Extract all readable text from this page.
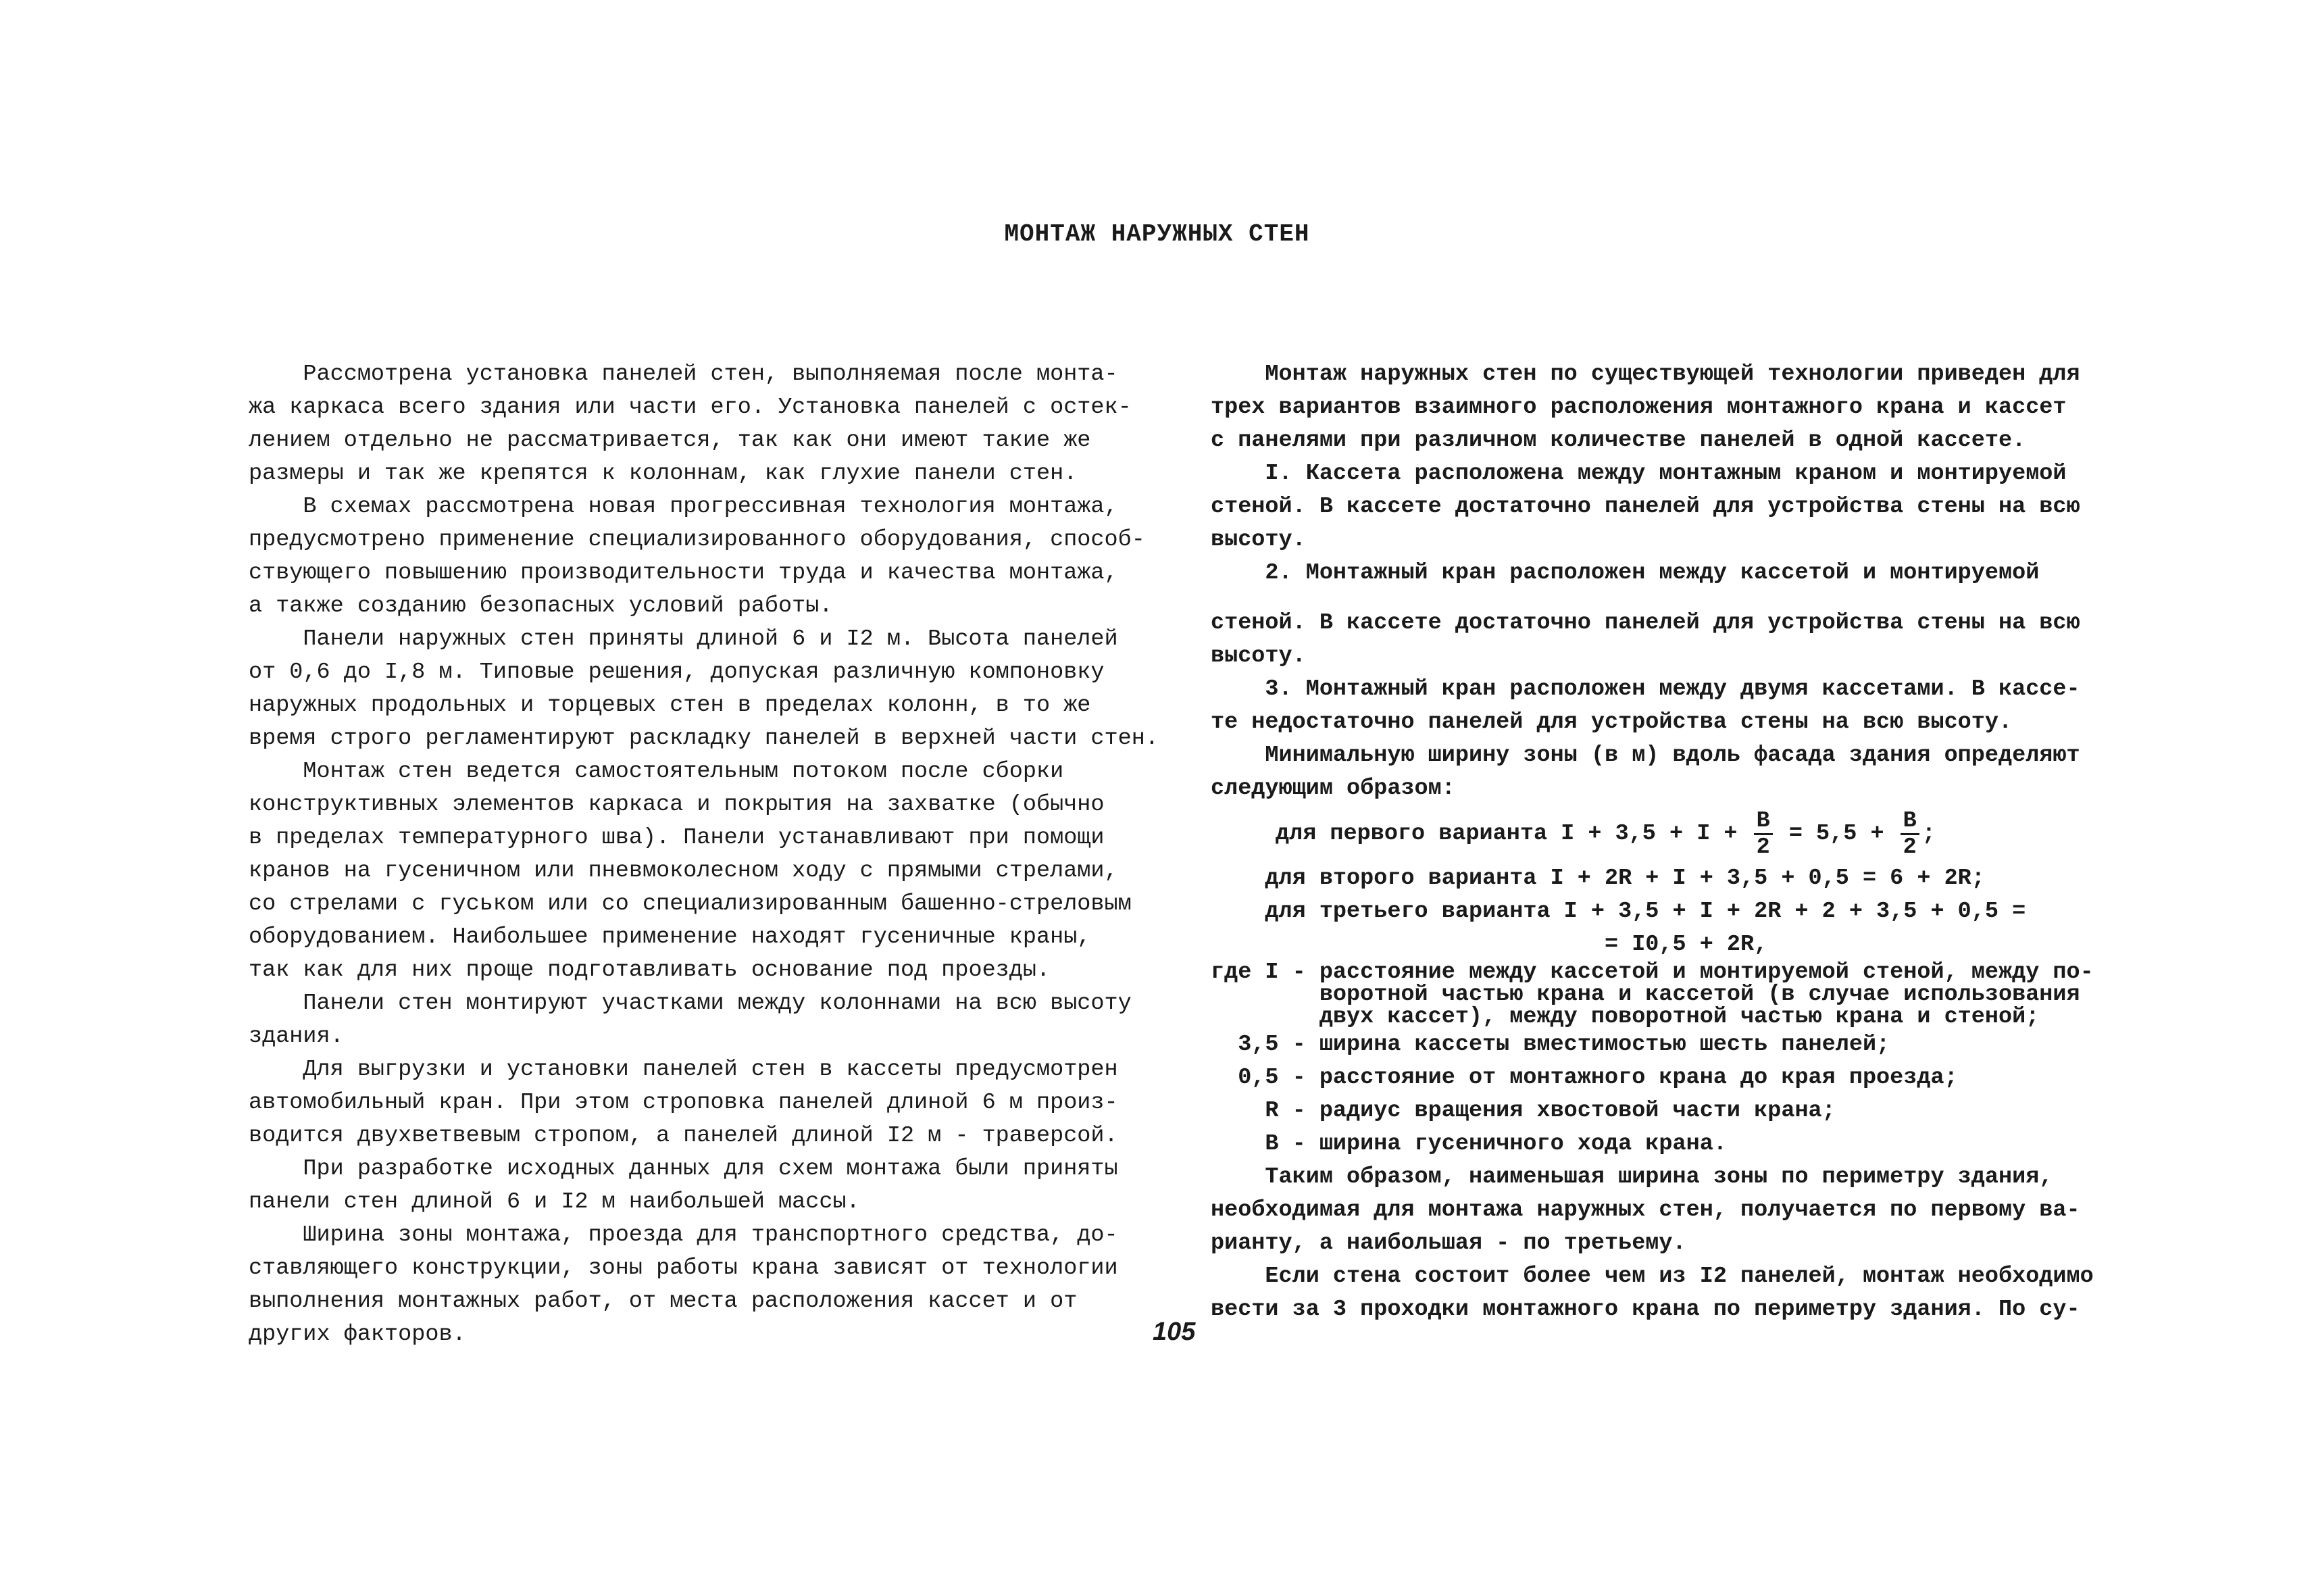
МОНТАЖ НАРУЖНЫХ СТЕН
Рассмотрена установка панелей стен, выполняемая после монта-
жа каркаса всего здания или части его. Установка панелей с остек-
лением отдельно не рассматривается, так как они имеют такие же
размеры и так же крепятся к колоннам, как глухие панели стен.
В схемах рассмотрена новая прогрессивная технология монтажа,
предусмотрено применение специализированного оборудования, способ-
ствующего повышению производительности труда и качества монтажа,
а также созданию безопасных условий работы.
Панели наружных стен приняты длиной 6 и I2 м. Высота панелей
от 0,6 до I,8 м. Типовые решения, допуская различную компоновку
наружных продольных и торцевых стен в пределах колонн, в то же
время строго регламентируют раскладку панелей в верхней части стен.
Монтаж стен ведется самостоятельным потоком после сборки
конструктивных элементов каркаса и покрытия на захватке (обычно
в пределах температурного шва). Панели устанавливают при помощи
кранов на гусеничном или пневмоколесном ходу с прямыми стрелами,
со стрелами с гуськом или со специализированным башенно-стреловым
оборудованием. Наибольшее применение находят гусеничные краны,
так как для них проще подготавливать основание под проезды.
Панели стен монтируют участками между колоннами на всю высоту
здания.
Для выгрузки и установки панелей стен в кассеты предусмотрен
автомобильный кран. При этом строповка панелей длиной 6 м произ-
водится двухветвевым стропом, а панелей длиной I2 м - траверсой.
При разработке исходных данных для схем монтажа были приняты
панели стен длиной 6 и I2 м наибольшей массы.
Ширина зоны монтажа, проезда для транспортного средства, до-
ставляющего конструкции, зоны работы крана зависят от технологии
выполнения монтажных работ, от места расположения кассет и от
других факторов.
Монтаж наружных стен по существующей технологии приведен для
трех вариантов взаимного расположения монтажного крана и кассет
с панелями при различном количестве панелей в одной кассете.
I. Кассета расположена между монтажным краном и монтируемой
стеной. В кассете достаточно панелей для устройства стены на всю
высоту.
2. Монтажный кран расположен между кассетой и монтируемой
стеной. В кассете достаточно панелей для устройства стены на всю
высоту.
3. Монтажный кран расположен между двумя кассетами. В кассе-
те недостаточно панелей для устройства стены на всю высоту.
Минимальную ширину зоны (в м) вдоль фасада здания определяют
следующим образом:
для первого варианта $I + 3,5 + I + \frac{B}{2} = 5,5 + \frac{B}{2}$ ;
для второго варианта I + 2R + I + 3,5 + 0,5 = 6 + 2R;
для третьего варианта I + 3,5 + I + 2R + 2 + 3,5 + 0,5 =
= I0,5 + 2R,
где I - расстояние между кассетой и монтируемой стеной, между по-
воротной частью крана и кассетой (в случае использования
двух кассет), между поворотной частью крана и стеной;
3,5 - ширина кассеты вместимостью шесть панелей;
0,5 - расстояние от монтажного крана до края проезда;
R - радиус вращения хвостовой части крана;
B - ширина гусеничного хода крана.
Таким образом, наименьшая ширина зоны по периметру здания,
необходимая для монтажа наружных стен, получается по первому ва-
рианту, а наибольшая - по третьему.
Если стена состоит более чем из I2 панелей, монтаж необходимо
вести за 3 проходки монтажного крана по периметру здания. По су-
105
